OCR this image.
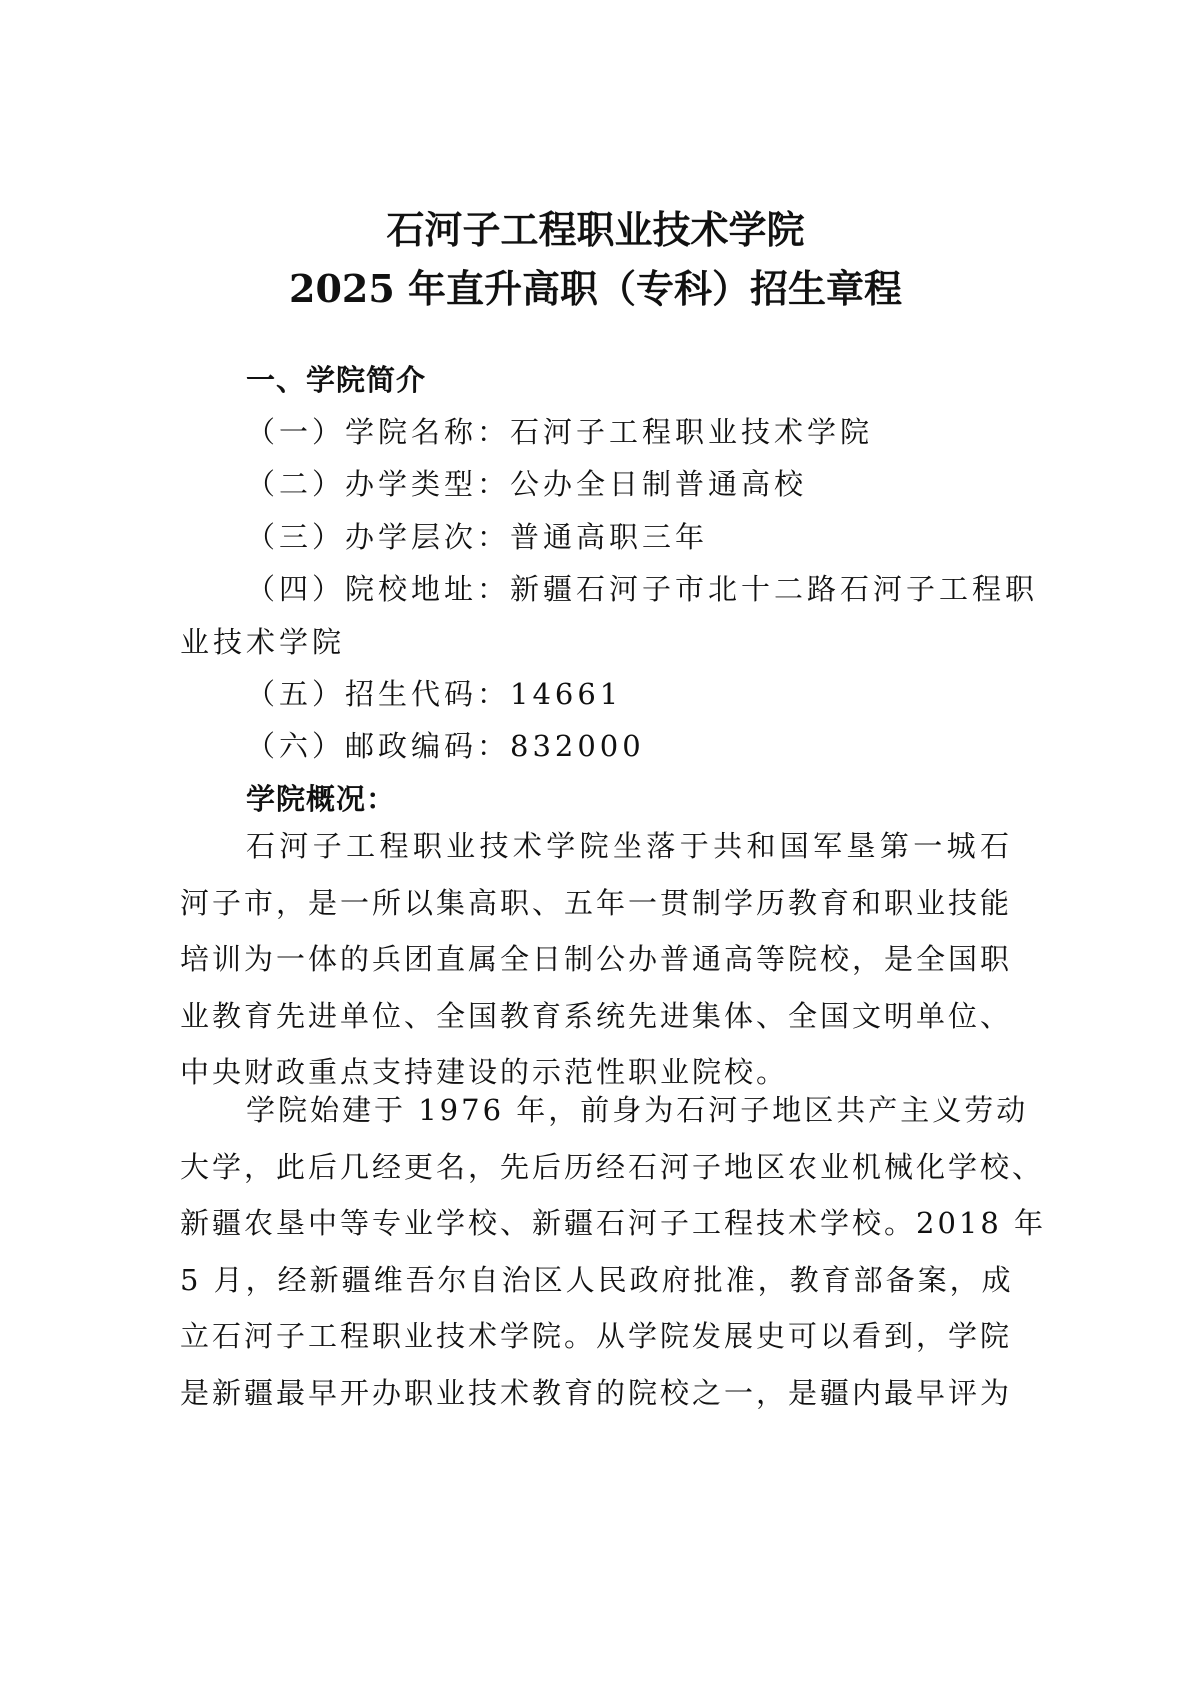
石河子工程职业技术学院
2025 年直升高职（专科）招生章程
一、学院简介
（一）学院名称：石河子工程职业技术学院
（二）办学类型：公办全日制普通高校
（三）办学层次：普通高职三年
（四）院校地址：新疆石河子市北十二路石河子工程职
业技术学院
（五）招生代码：14661
（六）邮政编码：832000
学院概况：
石河子工程职业技术学院坐落于共和国军垦第一城石
河子市，是一所以集高职、五年一贯制学历教育和职业技能
培训为一体的兵团直属全日制公办普通高等院校，是全国职
业教育先进单位、全国教育系统先进集体、全国文明单位、
中央财政重点支持建设的示范性职业院校。
学院始建于 1976 年，前身为石河子地区共产主义劳动
大学，此后几经更名，先后历经石河子地区农业机械化学校、
新疆农垦中等专业学校、新疆石河子工程技术学校。2018 年
5 月，经新疆维吾尔自治区人民政府批准，教育部备案，成
立石河子工程职业技术学院。从学院发展史可以看到，学院
是新疆最早开办职业技术教育的院校之一，是疆内最早评为
